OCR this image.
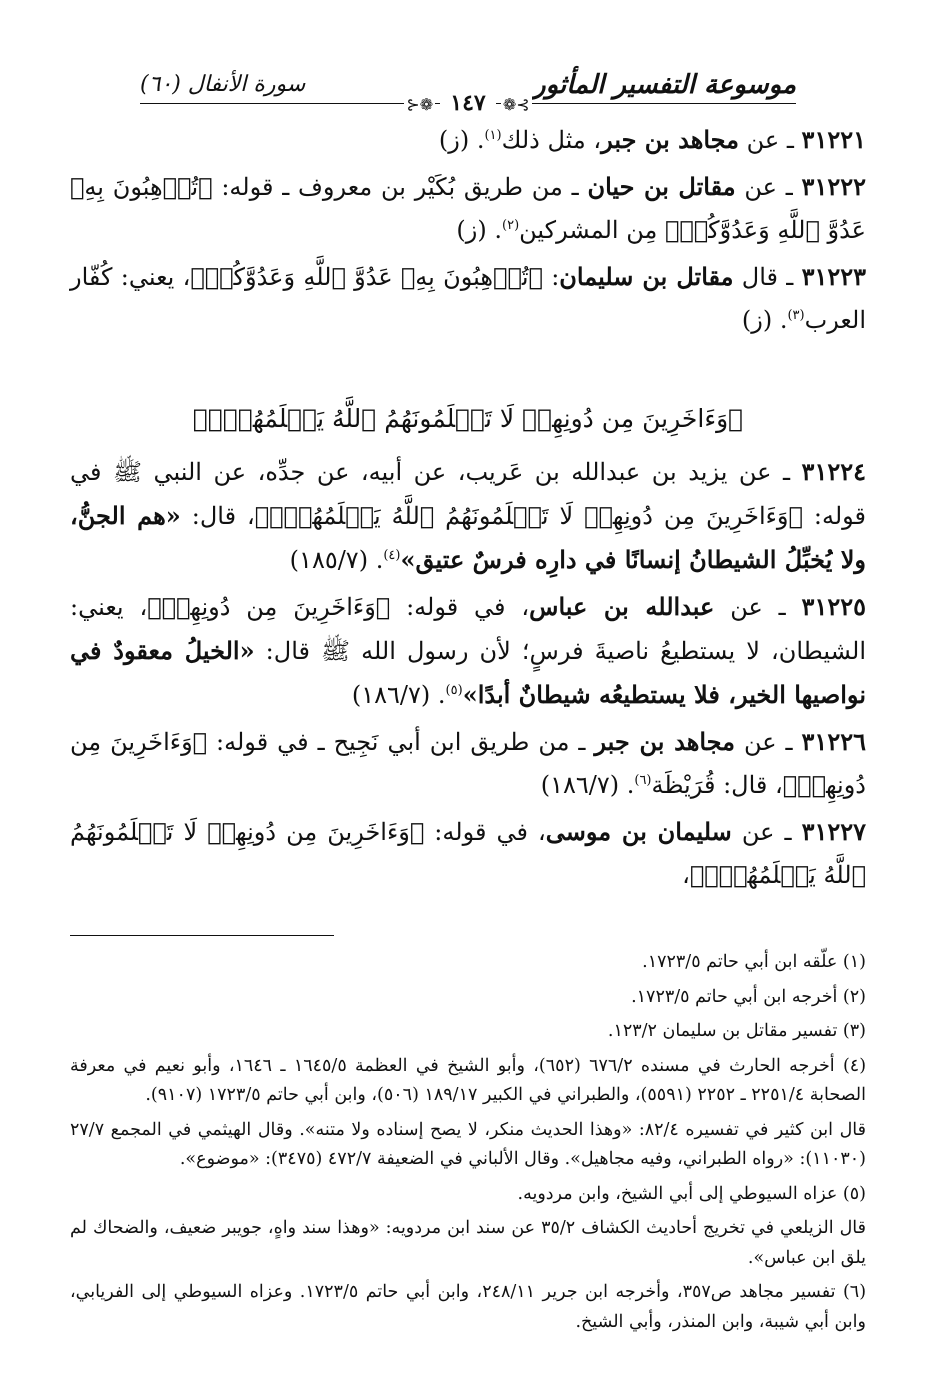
موسوعة التفسير المأثور
سورة الأنفال (٦٠)
⊱❁ ١٤٧ ❁⊰
٣١٢٢١ ـ عن مجاهد بن جبر، مثل ذلك$^{(١)}$. (ز)
٣١٢٢٢ ـ عن مقاتل بن حيان ـ من طريق بُكَيْر بن معروف ـ قوله: ﴿تُرۡهِبُونَ بِهِۦ عَدُوَّ ٱللَّهِ وَعَدُوَّكُمۡ﴾ مِن المشركين$^{(٢)}$. (ز)
٣١٢٢٣ ـ قال مقاتل بن سليمان: ﴿تُرۡهِبُونَ بِهِۦ عَدُوَّ ٱللَّهِ وَعَدُوَّكُمۡ﴾، يعني: كُفّار العرب$^{(٣)}$. (ز)
﴿وَءَاخَرِينَ مِن دُونِهِمۡ لَا تَعۡلَمُونَهُمُ ٱللَّهُ يَعۡلَمُهُمۡۚ﴾
٣١٢٢٤ ـ عن يزيد بن عبدالله بن عَريب، عن أبيه، عن جدِّه، عن النبي ﷺ في قوله: ﴿وَءَاخَرِينَ مِن دُونِهِمۡ لَا تَعۡلَمُونَهُمُ ٱللَّهُ يَعۡلَمُهُمۡۚ﴾، قال: «هم الجنُّ، ولا يُخبِّلُ الشيطانُ إنسانًا في دارِه فرسٌ عتيق»$^{(٤)}$. (١٨٥/٧)
٣١٢٢٥ ـ عن عبدالله بن عباس، في قوله: ﴿وَءَاخَرِينَ مِن دُونِهِمۡ﴾، يعني: الشيطان، لا يستطيعُ ناصيةَ فرسٍ؛ لأن رسول الله ﷺ قال: «الخيلُ معقودٌ في نواصيها الخير، فلا يستطيعُه شيطانٌ أبدًا»$^{(٥)}$. (١٨٦/٧)
٣١٢٢٦ ـ عن مجاهد بن جبر ـ من طريق ابن أبي نَجِيح ـ في قوله: ﴿وَءَاخَرِينَ مِن دُونِهِمۡ﴾، قال: قُرَيْظَة$^{(٦)}$. (١٨٦/٧)
٣١٢٢٧ ـ عن سليمان بن موسى، في قوله: ﴿وَءَاخَرِينَ مِن دُونِهِمۡ لَا تَعۡلَمُونَهُمُ ٱللَّهُ يَعۡلَمُهُمۡۚ﴾،
(١) علّقه ابن أبي حاتم ١٧٢٣/٥.
(٢) أخرجه ابن أبي حاتم ١٧٢٣/٥.
(٣) تفسير مقاتل بن سليمان ١٢٣/٢.
(٤) أخرجه الحارث في مسنده ٦٧٦/٢ (٦٥٢)، وأبو الشيخ في العظمة ١٦٤٥/٥ ـ ١٦٤٦، وأبو نعيم في معرفة الصحابة ٢٢٥١/٤ ـ ٢٢٥٢ (٥٥٩١)، والطبراني في الكبير ١٨٩/١٧ (٥٠٦)، وابن أبي حاتم ١٧٢٣/٥ (٩١٠٧).
قال ابن كثير في تفسيره ٨٢/٤: «وهذا الحديث منكر، لا يصح إسناده ولا متنه». وقال الهيثمي في المجمع ٢٧/٧ (١١٠٣٠): «رواه الطبراني، وفيه مجاهيل». وقال الألباني في الضعيفة ٤٧٢/٧ (٣٤٧٥): «موضوع».
(٥) عزاه السيوطي إلى أبي الشيخ، وابن مردويه.
قال الزيلعي في تخريج أحاديث الكشاف ٣٥/٢ عن سند ابن مردويه: «وهذا سند واهٍ، جويبر ضعيف، والضحاك لم يلق ابن عباس».
(٦) تفسير مجاهد ص٣٥٧، وأخرجه ابن جرير ٢٤٨/١١، وابن أبي حاتم ١٧٢٣/٥. وعزاه السيوطي إلى الفريابي، وابن أبي شيبة، وابن المنذر، وأبي الشيخ.
